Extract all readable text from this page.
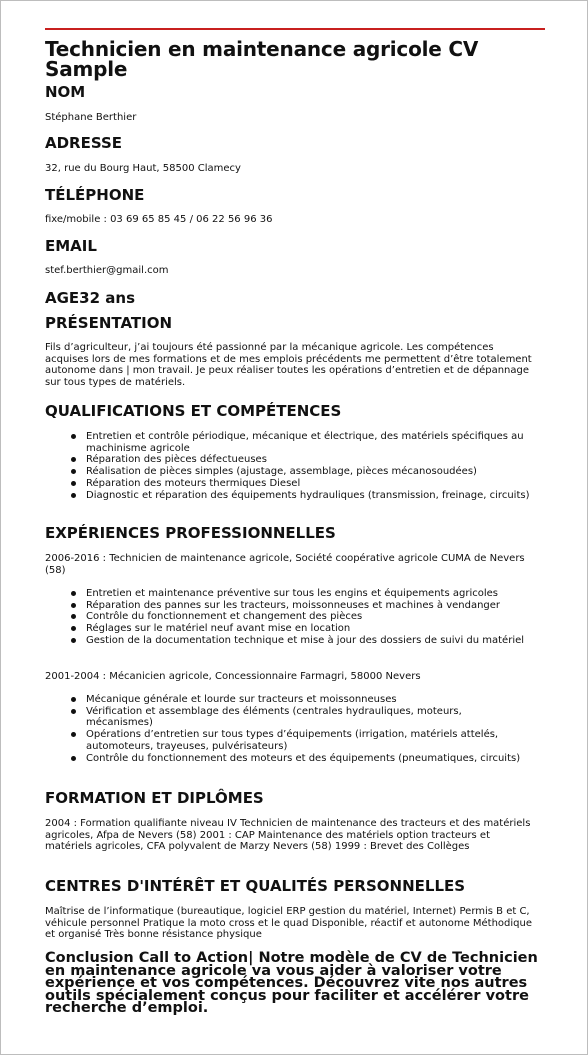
Technicien en maintenance agricole CV Sample
NOM
Stéphane Berthier
ADRESSE
32, rue du Bourg Haut, 58500 Clamecy
TÉLÉPHONE
fixe/mobile : 03 69 65 85 45 / 06 22 56 96 36
EMAIL
stef.berthier@gmail.com
AGE32 ans
PRÉSENTATION
Fils d’agriculteur, j’ai toujours été passionné par la mécanique agricole. Les compétences acquises lors de mes formations et de mes emplois précédents me permettent d’être totalement autonome dans | mon travail. Je peux réaliser toutes les opérations d’entretien et de dépannage sur tous types de matériels.
QUALIFICATIONS ET COMPÉTENCES
Entretien et contrôle périodique, mécanique et électrique, des matériels spécifiques au machinisme agricole
Réparation des pièces défectueuses
Réalisation de pièces simples (ajustage, assemblage, pièces mécanosoudées)
Réparation des moteurs thermiques Diesel
Diagnostic et réparation des équipements hydrauliques (transmission, freinage, circuits)
EXPÉRIENCES PROFESSIONNELLES
2006-2016 : Technicien de maintenance agricole, Société coopérative agricole CUMA de Nevers (58)
Entretien et maintenance préventive sur tous les engins et équipements agricoles
Réparation des pannes sur les tracteurs, moissonneuses et machines à vendanger
Contrôle du fonctionnement et changement des pièces
Réglages sur le matériel neuf avant mise en location
Gestion de la documentation technique et mise à jour des dossiers de suivi du matériel
2001-2004 : Mécanicien agricole, Concessionnaire Farmagri, 58000 Nevers
Mécanique générale et lourde sur tracteurs et moissonneuses
Vérification et assemblage des éléments (centrales hydrauliques, moteurs, mécanismes)
Opérations d’entretien sur tous types d’équipements (irrigation, matériels attelés, automoteurs, trayeuses, pulvérisateurs)
Contrôle du fonctionnement des moteurs et des équipements (pneumatiques, circuits)
FORMATION ET DIPLÔMES
2004 : Formation qualifiante niveau IV Technicien de maintenance des tracteurs et des matériels agricoles, Afpa de Nevers (58) 2001 : CAP Maintenance des matériels option tracteurs et matériels agricoles, CFA polyvalent de Marzy Nevers (58) 1999 : Brevet des Collèges
CENTRES D'INTÉRÊT ET QUALITÉS PERSONNELLES
Maîtrise de l’informatique (bureautique, logiciel ERP gestion du matériel, Internet) Permis B et C, véhicule personnel Pratique la moto cross et le quad Disponible, réactif et autonome Méthodique et organisé Très bonne résistance physique
Conclusion Call to Action| Notre modèle de CV de Technicien en maintenance agricole va vous aider à valoriser votre expérience et vos compétences. Découvrez vite nos autres outils spécialement conçus pour faciliter et accélérer votre recherche d’emploi.
